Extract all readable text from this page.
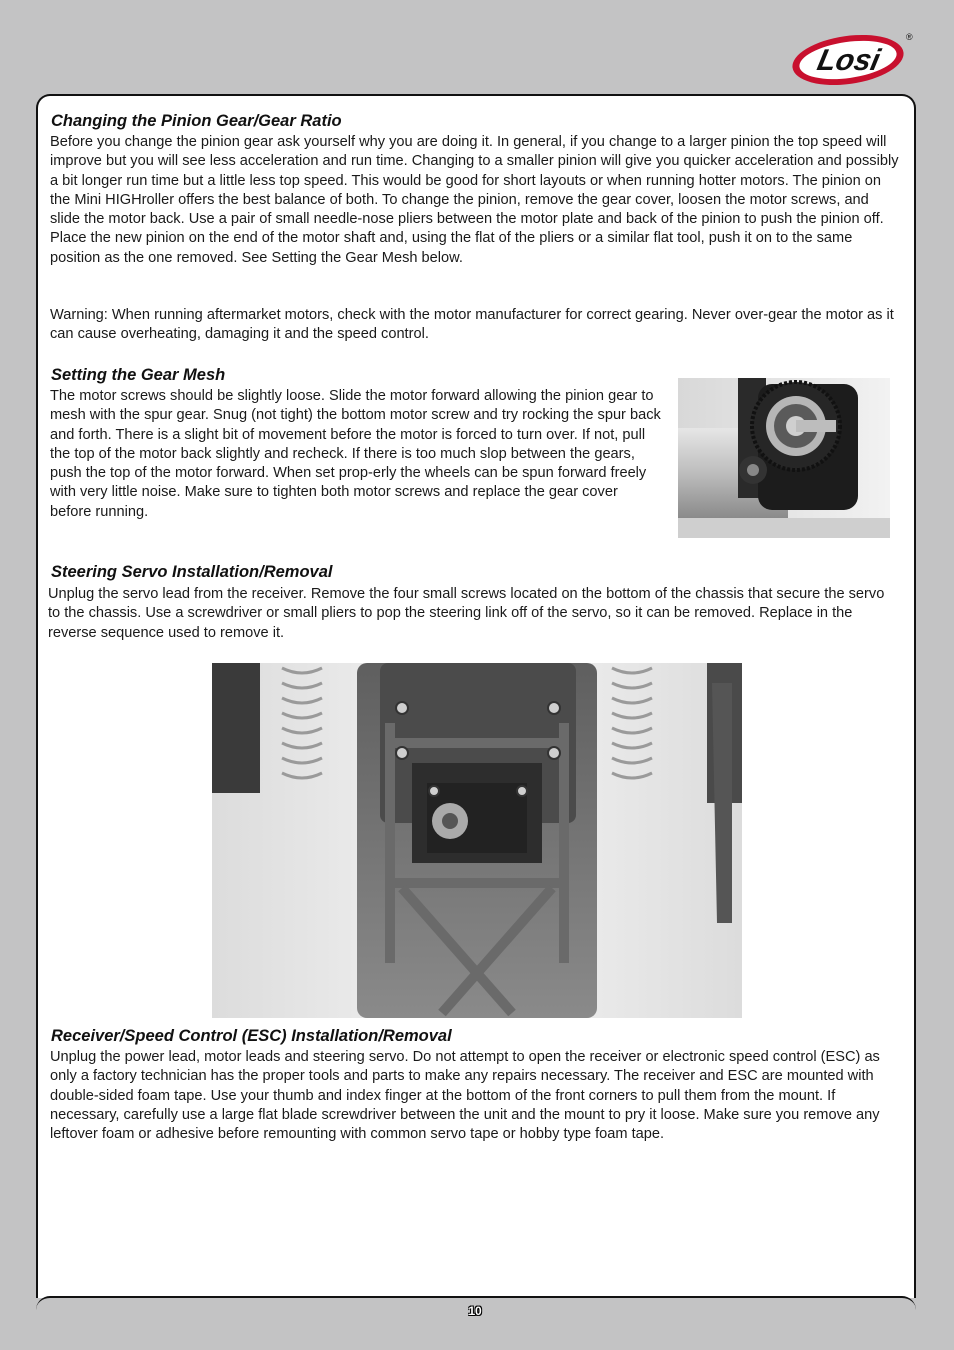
Losi
®
Changing the Pinion Gear/Gear Ratio

Before you change the pinion gear ask yourself why you are doing it. In general, if you change to a larger pinion the top speed will improve but you will see less acceleration and run time. Changing to a smaller pinion will give you quicker acceleration and possibly a bit longer run time but a little less top speed. This would be good for short layouts or when running hotter motors. The pinion on the Mini HIGHroller offers the best balance of both. To change the pinion, remove the gear cover, loosen the motor screws, and slide the motor back. Use a pair of small needle-nose pliers between the motor plate and back of the pinion to push the pinion off. Place the new pinion on the end of the motor shaft and, using the flat of the pliers or a similar flat tool, push it on to the same position as the one removed. See Setting the Gear Mesh below.

Warning: When running aftermarket motors, check with the motor manufacturer for correct gearing. Never over-gear the motor as it can cause overheating, damaging it and the speed control.

Setting the Gear Mesh

The motor screws should be slightly loose. Slide the motor forward allowing the pinion gear to mesh with the spur gear. Snug (not tight) the bottom motor screw and try rocking the spur back and forth. There is a slight bit of movement before the motor is forced to turn over. If not, pull the top of the motor back slightly and recheck. If there is too much slop between the gears, push the top of the motor forward. When set prop-erly the wheels can be spun forward freely with very little noise. Make sure to tighten both motor screws and replace the gear cover before running.

Steering Servo Installation/Removal

Unplug the servo lead from the receiver. Remove the four small screws located on the bottom of the chassis that secure the servo to the chassis. Use a screwdriver or small pliers to pop the steering link off of the servo, so it can be removed. Replace in the reverse sequence used to remove it.

Receiver/Speed Control (ESC) Installation/Removal

Unplug the power lead, motor leads and steering servo. Do not attempt to open the receiver or electronic speed control (ESC) as only a factory technician has the proper tools and parts to make any repairs necessary. The receiver and ESC are mounted with double-sided foam tape. Use your thumb and index finger at the bottom of the front corners to pull them from the mount. If necessary, carefully use a large flat blade screwdriver between the unit and the mount to pry it loose. Make sure you remove any leftover foam or adhesive before remounting with common servo tape or hobby type foam tape.

10
